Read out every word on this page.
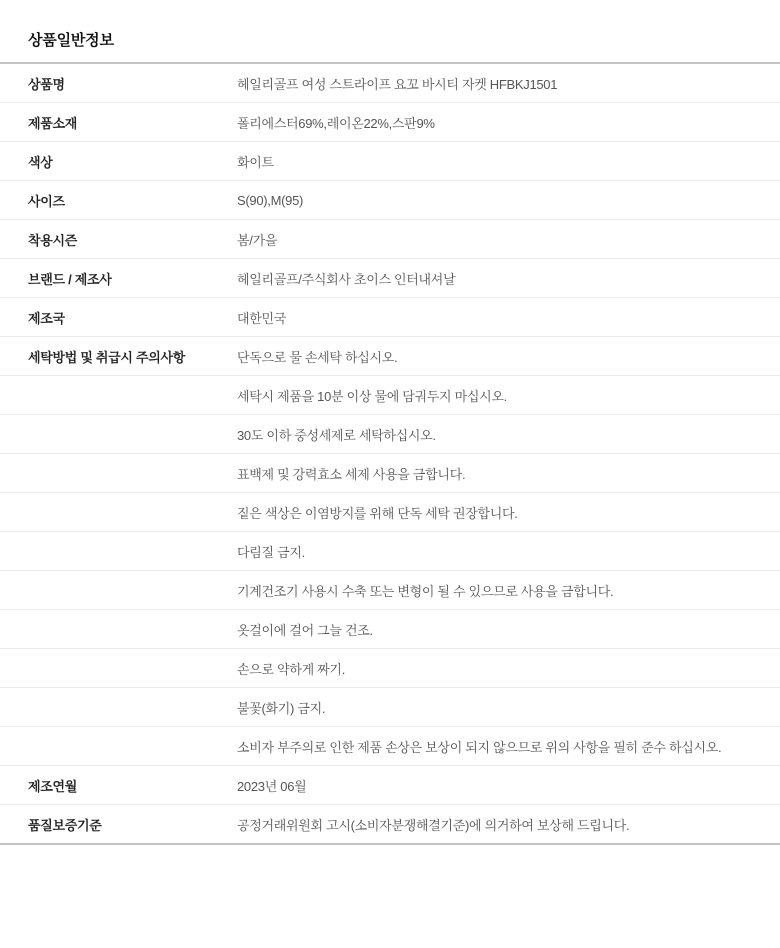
상품일반정보
상품명	헤일리골프 여성 스트라이프 요꼬 바시티 자켓 HFBKJ1501
제품소재	폴리에스터69%,레이온22%,스판9%
색상	화이트
사이즈	S(90),M(95)
착용시즌	봄/가을
브랜드 / 제조사	헤일리골프/주식회사 초이스 인터내셔날
제조국	대한민국
세탁방법 및 취급시 주의사항	단독으로 물 손세탁 하십시오.
	세탁시 제품을 10분 이상 물에 담궈두지 마십시오.
	30도 이하 중성세제로 세탁하십시오.
	표백제 및 강력효소 세제 사용을 금합니다.
	짙은 색상은 이염방지를 위해 단독 세탁 권장합니다.
	다림질 금지.
	기계건조기 사용시 수축 또는 변형이 될 수 있으므로 사용을 금합니다.
	옷걸이에 걸어 그늘 건조.
	손으로 약하게 짜기.
	불꽃(화기) 금지.
	소비자 부주의로 인한 제품 손상은 보상이 되지 않으므로 위의 사항을 필히 준수 하십시오.
제조연월	2023년 06월
품질보증기준	공정거래위원회 고시(소비자분쟁해결기준)에 의거하여 보상해 드립니다.
